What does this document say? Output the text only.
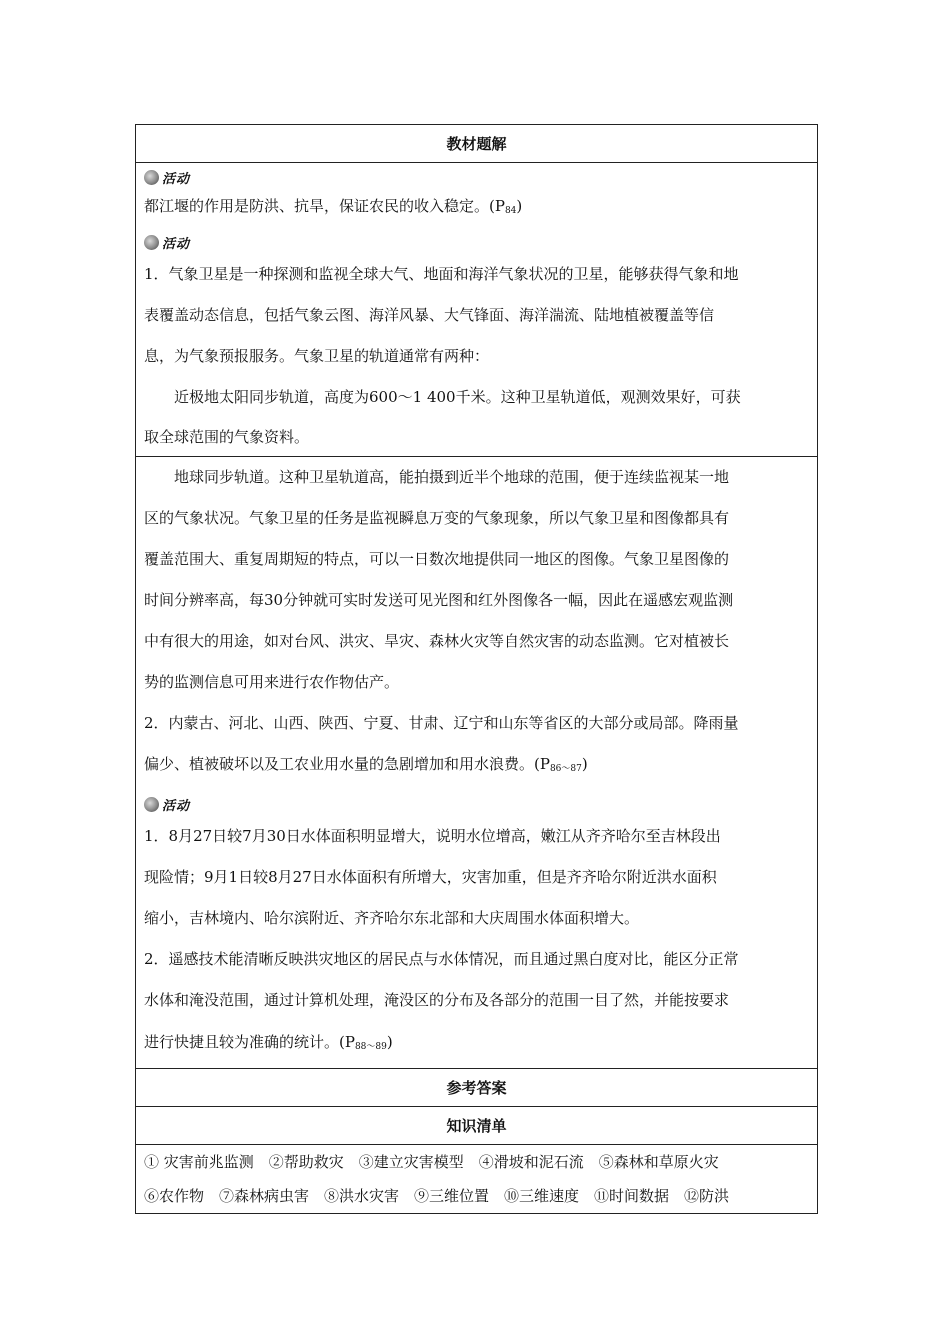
教材题解
活动
都江堰的作用是防洪、抗旱，保证农民的收入稳定。$(P_{84})$
活动
1．气象卫星是一种探测和监视全球大气、地面和海洋气象状况的卫星，能够获得气象和地
表覆盖动态信息，包括气象云图、海洋风暴、大气锋面、海洋湍流、陆地植被覆盖等信
息，为气象预报服务。气象卫星的轨道通常有两种：
近极地太阳同步轨道，高度为600～1 400千米。这种卫星轨道低，观测效果好，可获
取全球范围的气象资料。
地球同步轨道。这种卫星轨道高，能拍摄到近半个地球的范围，便于连续监视某一地
区的气象状况。气象卫星的任务是监视瞬息万变的气象现象，所以气象卫星和图像都具有
覆盖范围大、重复周期短的特点，可以一日数次地提供同一地区的图像。气象卫星图像的
时间分辨率高，每30分钟就可实时发送可见光图和红外图像各一幅，因此在遥感宏观监测
中有很大的用途，如对台风、洪灾、旱灾、森林火灾等自然灾害的动态监测。它对植被长
势的监测信息可用来进行农作物估产。
2．内蒙古、河北、山西、陕西、宁夏、甘肃、辽宁和山东等省区的大部分或局部。降雨量
偏少、植被破坏以及工农业用水量的急剧增加和用水浪费。$(P_{86\sim 87})$
活动
1．8月27日较7月30日水体面积明显增大，说明水位增高，嫩江从齐齐哈尔至吉林段出
现险情；9月1日较8月27日水体面积有所增大，灾害加重，但是齐齐哈尔附近洪水面积
缩小，吉林境内、哈尔滨附近、齐齐哈尔东北部和大庆周围水体面积增大。
2．遥感技术能清晰反映洪灾地区的居民点与水体情况，而且通过黑白度对比，能区分正常
水体和淹没范围，通过计算机处理，淹没区的分布及各部分的范围一目了然，并能按要求
进行快捷且较为准确的统计。$(P_{88\sim 89})$
参考答案
知识清单
① 灾害前兆监测　②帮助救灾　③建立灾害模型　④滑坡和泥石流　⑤森林和草原火灾
⑥农作物　⑦森林病虫害　⑧洪水灾害　⑨三维位置　⑩三维速度　⑪时间数据　⑫防洪
